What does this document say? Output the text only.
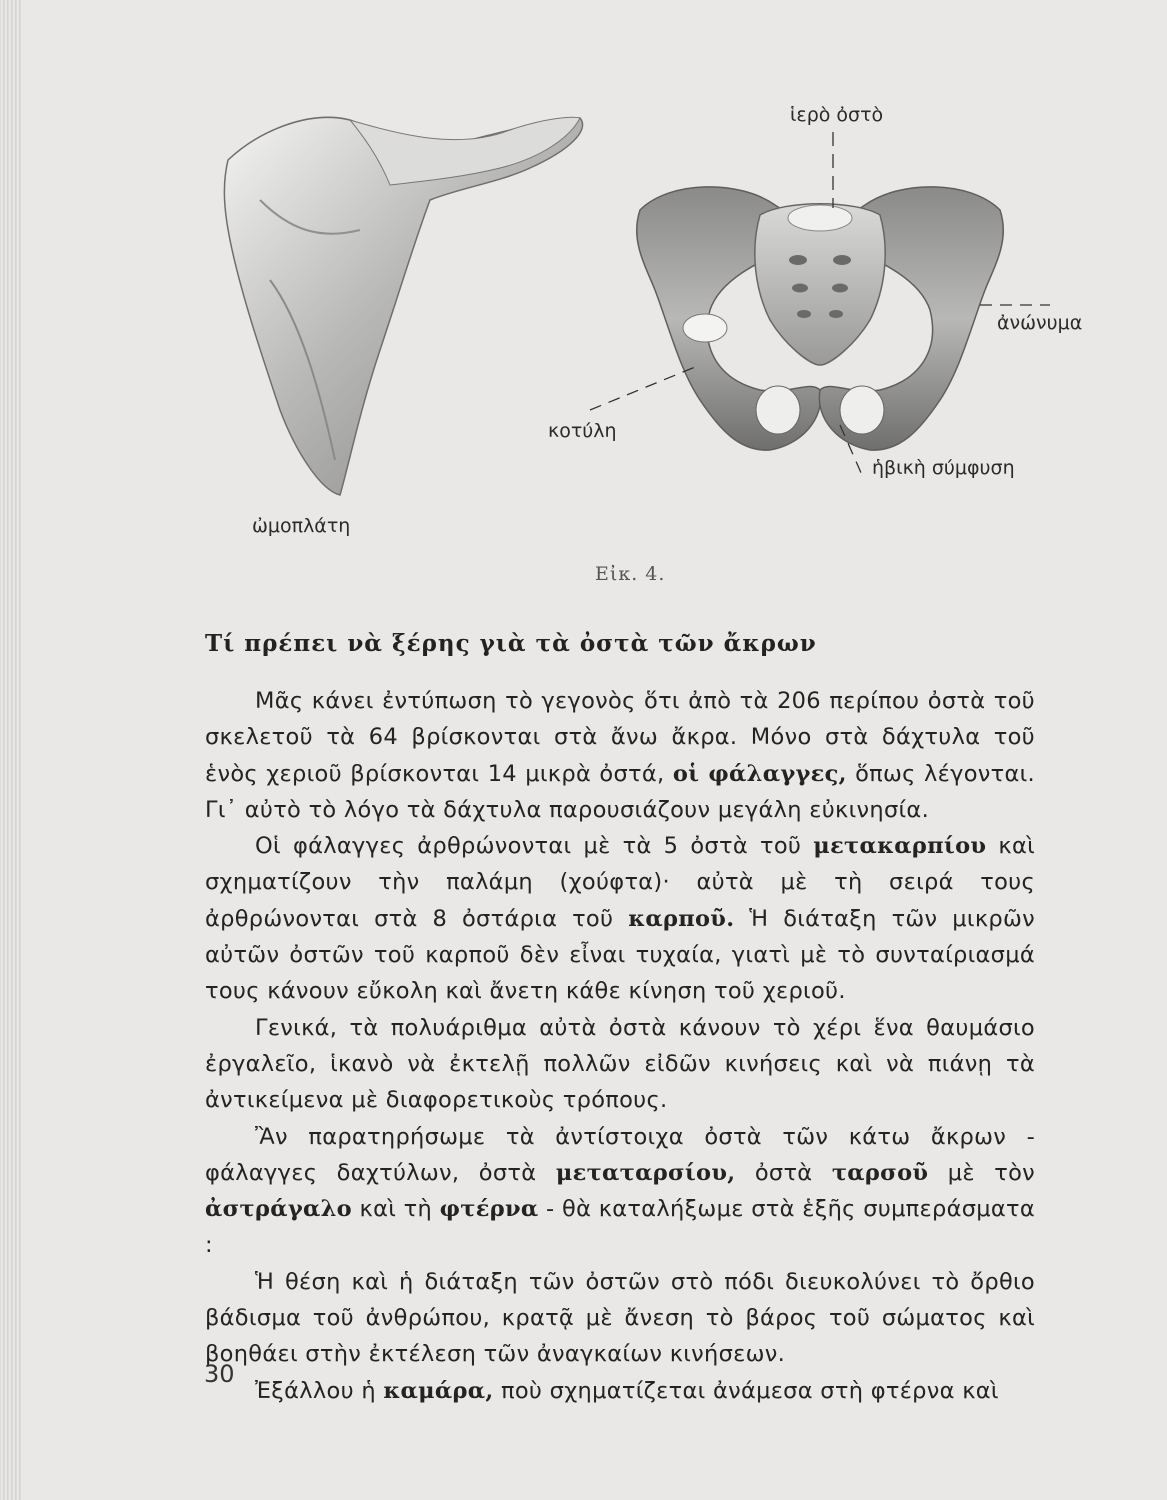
ἱερὸ ὀστὸ
ἀνώνυμα
κοτύλη
ἡβικὴ σύμφυση
ὠμοπλάτη
Εἰκ. 4.
Τί πρέπει νὰ ξέρης γιὰ τὰ ὀστὰ τῶν ἄκρων

Μᾶς κάνει ἐντύπωση τὸ γεγονὸς ὅτι ἀπὸ τὰ 206 περίπου ὀστὰ τοῦ σκελετοῦ τὰ 64 βρίσκονται στὰ ἄνω ἄκρα. Μόνο στὰ δάχτυλα τοῦ ἑνὸς χεριοῦ βρίσκονται 14 μικρὰ ὀστά, οἱ φάλαγγες, ὅπως λέγονται. Γι᾽ αὐτὸ τὸ λόγο τὰ δάχτυλα παρουσιάζουν μεγάλη εὐκινησία.

Οἱ φάλαγγες ἀρθρώνονται μὲ τὰ 5 ὀστὰ τοῦ μετακαρπίου καὶ σχηματίζουν τὴν παλάμη (χούφτα)· αὐτὰ μὲ τὴ σειρά τους ἀρθρώνονται στὰ 8 ὀστάρια τοῦ καρποῦ. Ἡ διάταξη τῶν μικρῶν αὐτῶν ὀστῶν τοῦ καρποῦ δὲν εἶναι τυχαία, γιατὶ μὲ τὸ συνταίριασμά τους κάνουν εὔκολη καὶ ἄνετη κάθε κίνηση τοῦ χεριοῦ.

Γενικά, τὰ πολυάριθμα αὐτὰ ὀστὰ κάνουν τὸ χέρι ἕνα θαυμάσιο ἐργαλεῖο, ἱκανὸ νὰ ἐκτελῇ πολλῶν εἰδῶν κινήσεις καὶ νὰ πιάνῃ τὰ ἀντικείμενα μὲ διαφορετικοὺς τρόπους.

Ἂν παρατηρήσωμε τὰ ἀντίστοιχα ὀστὰ τῶν κάτω ἄκρων - φάλαγγες δαχτύλων, ὀστὰ μεταταρσίου, ὀστὰ ταρσοῦ μὲ τὸν ἀστράγαλο καὶ τὴ φτέρνα - θὰ καταλήξωμε στὰ ἑξῆς συμπεράσματα :

Ἡ θέση καὶ ἡ διάταξη τῶν ὀστῶν στὸ πόδι διευκολύνει τὸ ὄρθιο βάδισμα τοῦ ἀνθρώπου, κρατᾷ μὲ ἄνεση τὸ βάρος τοῦ σώματος καὶ βοηθάει στὴν ἐκτέλεση τῶν ἀναγκαίων κινήσεων.

Ἐξάλλου ἡ καμάρα, ποὺ σχηματίζεται ἀνάμεσα στὴ φτέρνα καὶ

30
